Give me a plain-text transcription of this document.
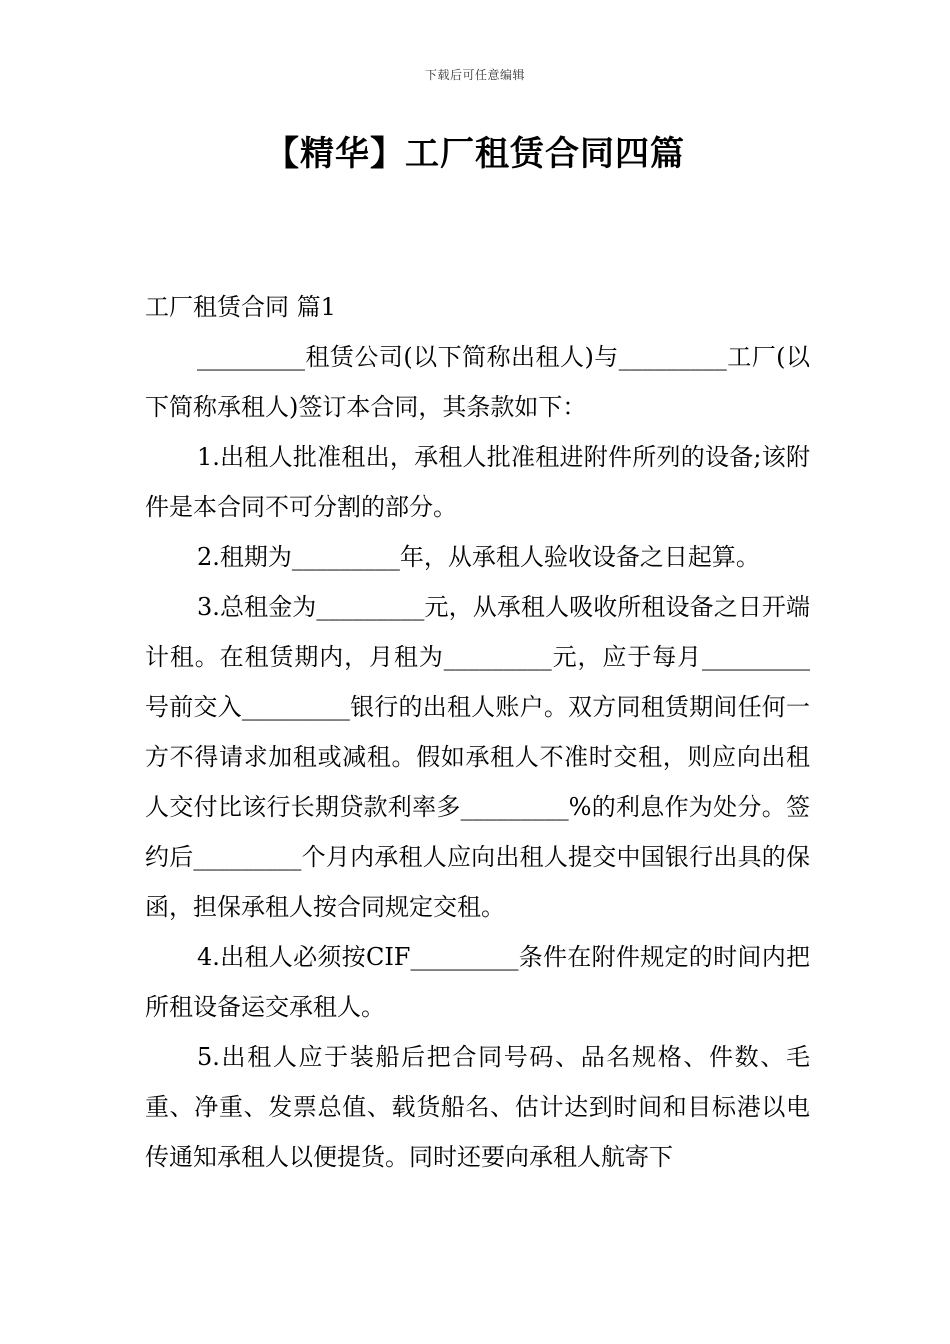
下载后可任意编辑
【精华】工厂租赁合同四篇

工厂租赁合同 篇1

_________租赁公司(以下简称出租人)与_________工厂(以下简称承租人)签订本合同，其条款如下：

1.出租人批准租出，承租人批准租进附件所列的设备;该附件是本合同不可分割的部分。

2.租期为_________年，从承租人验收设备之日起算。

3.总租金为_________元，从承租人吸收所租设备之日开端计租。在租赁期内，月租为_________元，应于每月_________号前交入_________银行的出租人账户。双方同租赁期间任何一方不得请求加租或减租。假如承租人不准时交租，则应向出租人交付比该行长期贷款利率多_________%的利息作为处分。签约后_________个月内承租人应向出租人提交中国银行出具的保函，担保承租人按合同规定交租。

4.出租人必须按CIF_________条件在附件规定的时间内把所租设备运交承租人。

5.出租人应于装船后把合同号码、品名规格、件数、毛重、净重、发票总值、载货船名、估计达到时间和目标港以电传通知承租人以便提货。同时还要向承租人航寄下
